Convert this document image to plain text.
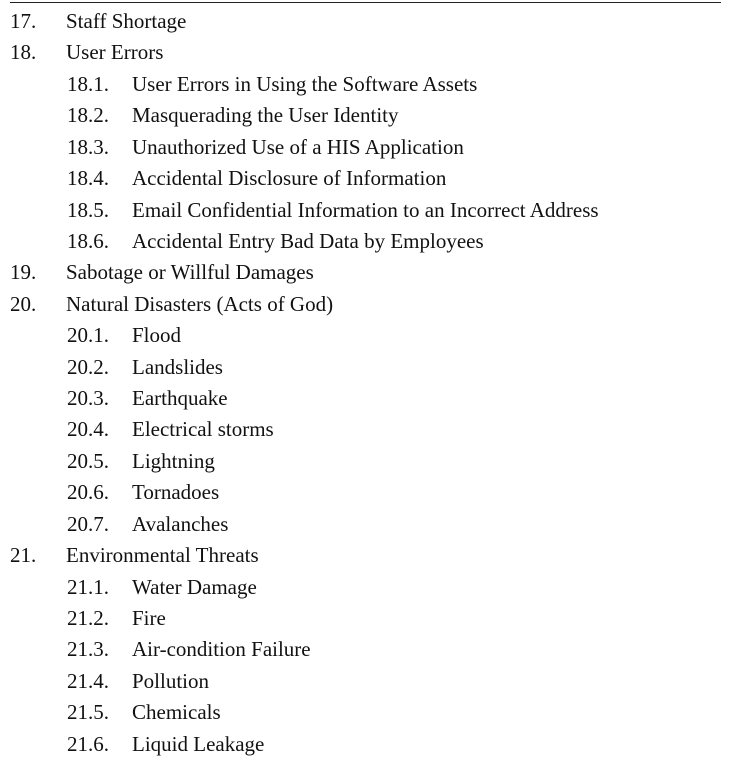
17. Staff Shortage
18. User Errors
18.1. User Errors in Using the Software Assets
18.2. Masquerading the User Identity
18.3. Unauthorized Use of a HIS Application
18.4. Accidental Disclosure of Information
18.5. Email Confidential Information to an Incorrect Address
18.6. Accidental Entry Bad Data by Employees
19. Sabotage or Willful Damages
20. Natural Disasters (Acts of God)
20.1. Flood
20.2. Landslides
20.3. Earthquake
20.4. Electrical storms
20.5. Lightning
20.6. Tornadoes
20.7. Avalanches
21. Environmental Threats
21.1. Water Damage
21.2. Fire
21.3. Air-condition Failure
21.4. Pollution
21.5. Chemicals
21.6. Liquid Leakage
